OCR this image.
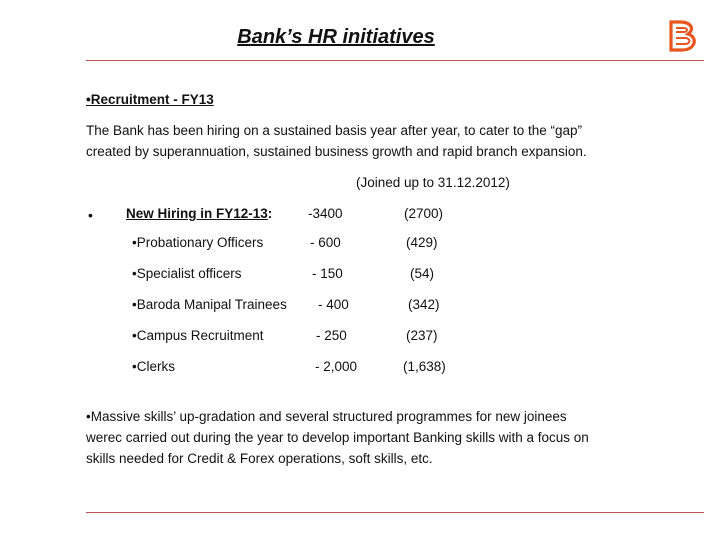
Bank’s HR initiatives
•Recruitment - FY13
The Bank has been hiring on a sustained basis year after year, to cater to the “gap”
created by superannuation, sustained business growth and rapid branch expansion.
(Joined up to 31.12.2012)
• New Hiring in FY12-13:	-3400	(2700)
•Probationary Officers	- 600	(429)
•Specialist officers	- 150	(54)
•Baroda Manipal Trainees - 400	(342)
•Campus Recruitment	- 250	(237)
•Clerks	- 2,000	(1,638)
•Massive skills’ up-gradation and several structured programmes for new joinees
werec carried out during the year to develop important Banking skills with a focus on
skills needed for Credit & Forex operations, soft skills, etc.
